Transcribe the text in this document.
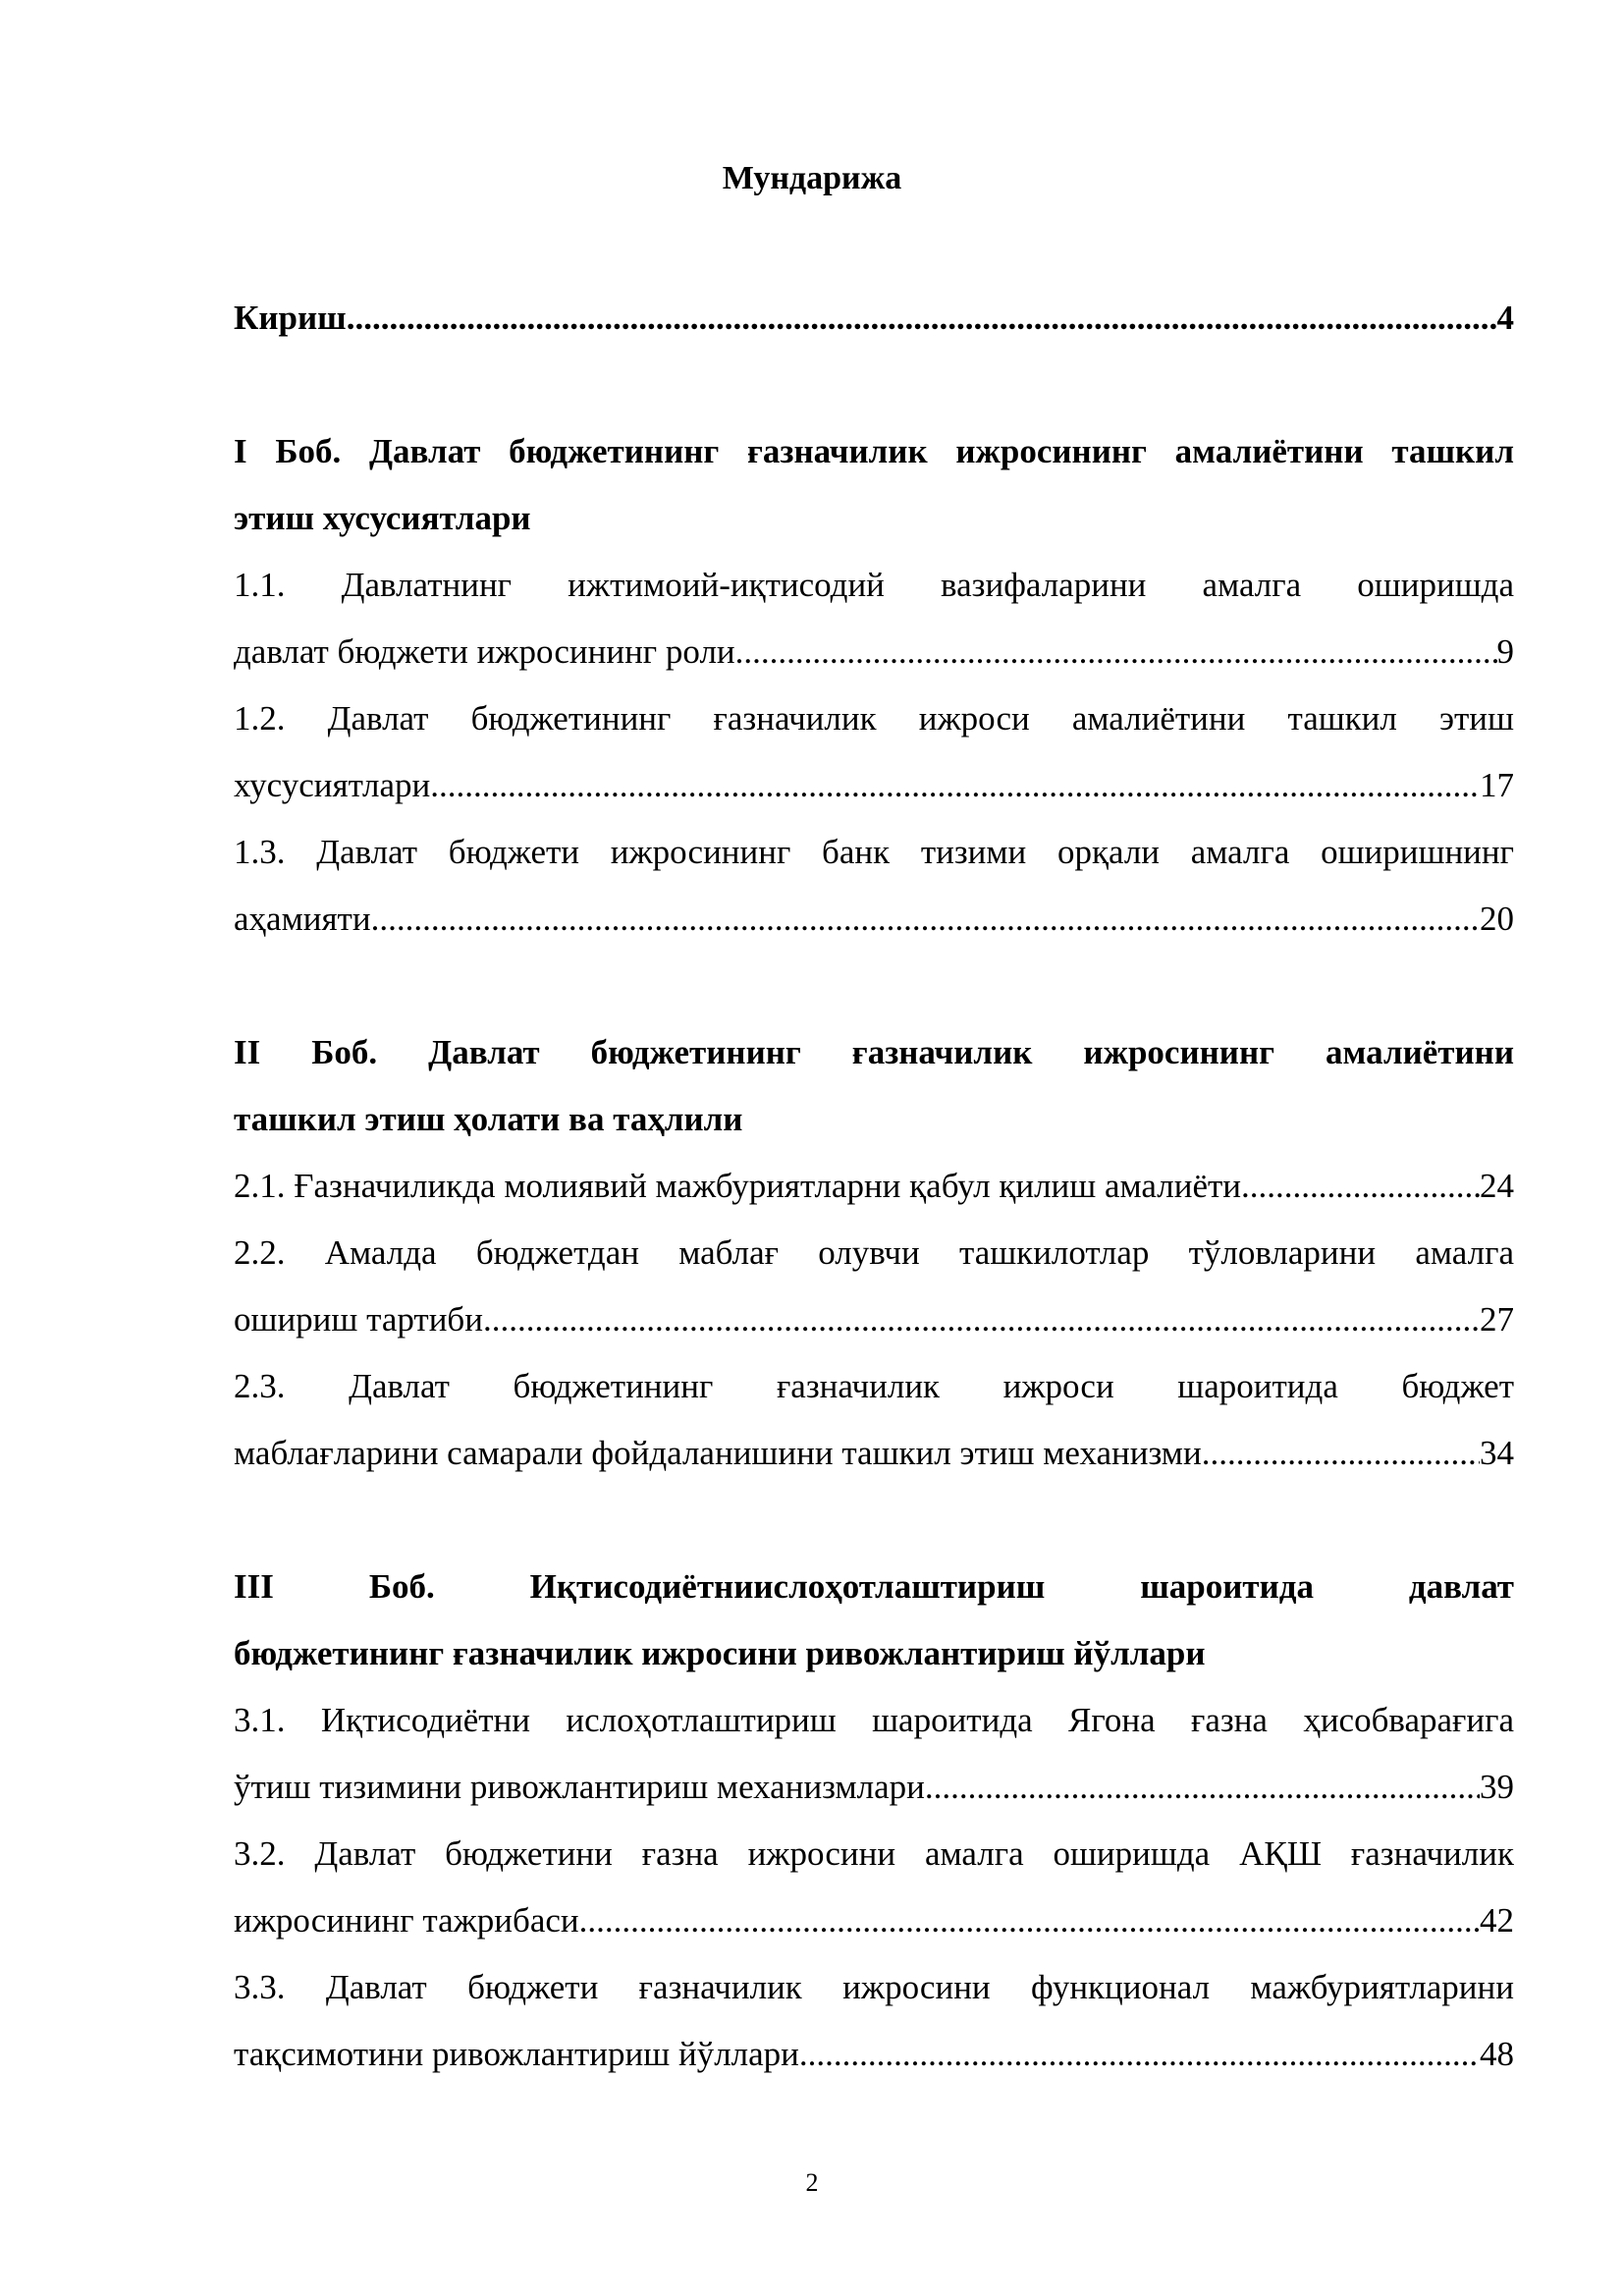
Мундарижа
Кириш .....	4
I Боб. Давлат бюджетининг ғазначилик ижросининг амалиётини ташкил
этиш хусусиятлари
1.1. Давлатнинг ижтимоий-иқтисодий вазифаларини амалга оширишда
давлат бюджети ижросининг роли .....	9
1.2. Давлат бюджетининг ғазначилик ижроси амалиётини ташкил этиш
хусусиятлари .....	17
1.3. Давлат бюджети ижросининг банк тизими орқали амалга оширишнинг
аҳамияти .....	20
II Боб. Давлат бюджетининг ғазначилик ижросининг амалиётини
ташкил этиш ҳолати ва таҳлили
2.1. Ғазначиликда молиявий мажбуриятларни қабул қилиш амалиёти .....	24
2.2. Амалда бюджетдан маблағ олувчи ташкилотлар тўловларини амалга
ошириш тартиби .....	27
2.3. Давлат бюджетининг ғазначилик ижроси шароитида бюджет
маблағларини самарали фойдаланишини ташкил этиш механизми .....	34
III Боб. Иқтисодиётниислоҳотлаштириш шароитида давлат
бюджетининг ғазначилик ижросини ривожлантириш йўллари
3.1. Иқтисодиётни ислоҳотлаштириш шароитида Ягона ғазна ҳисобварағига
ўтиш тизимини ривожлантириш механизмлари .....	39
3.2. Давлат бюджетини ғазна ижросини амалга оширишда АҚШ ғазначилик
ижросининг тажрибаси .....	42
3.3. Давлат бюджети ғазначилик ижросини функционал мажбуриятларини
тақсимотини ривожлантириш йўллари .....	48
2
